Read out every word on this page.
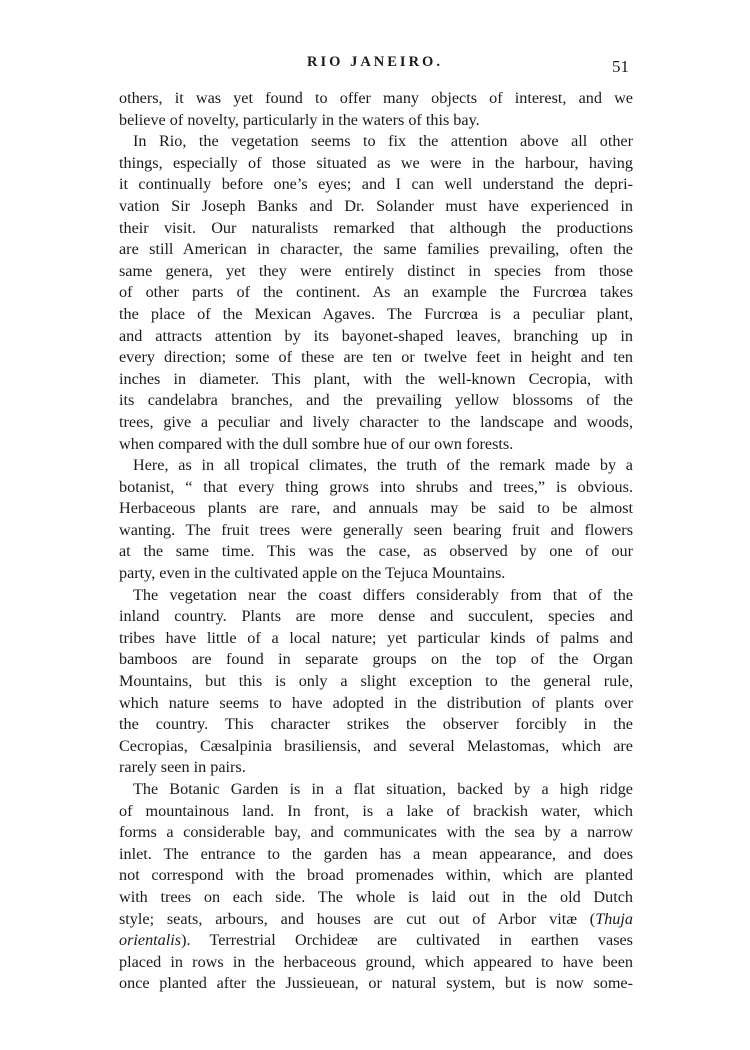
RIO JANEIRO.	51

others, it was yet found to offer many objects of interest, and we
believe of novelty, particularly in the waters of this bay.

In Rio, the vegetation seems to fix the attention above all other
things, especially of those situated as we were in the harbour, having
it continually before one’s eyes; and I can well understand the depri-
vation Sir Joseph Banks and Dr. Solander must have experienced in
their visit. Our naturalists remarked that although the productions
are still American in character, the same families prevailing, often the
same genera, yet they were entirely distinct in species from those
of other parts of the continent. As an example the Furcrœa takes
the place of the Mexican Agaves. The Furcrœa is a peculiar plant,
and attracts attention by its bayonet-shaped leaves, branching up in
every direction; some of these are ten or twelve feet in height and ten
inches in diameter. This plant, with the well-known Cecropia, with
its candelabra branches, and the prevailing yellow blossoms of the
trees, give a peculiar and lively character to the landscape and woods,
when compared with the dull sombre hue of our own forests.

Here, as in all tropical climates, the truth of the remark made by a
botanist, “ that every thing grows into shrubs and trees,” is obvious.
Herbaceous plants are rare, and annuals may be said to be almost
wanting. The fruit trees were generally seen bearing fruit and flowers
at the same time. This was the case, as observed by one of our
party, even in the cultivated apple on the Tejuca Mountains.

The vegetation near the coast differs considerably from that of the
inland country. Plants are more dense and succulent, species and
tribes have little of a local nature; yet particular kinds of palms and
bamboos are found in separate groups on the top of the Organ
Mountains, but this is only a slight exception to the general rule,
which nature seems to have adopted in the distribution of plants over
the country. This character strikes the observer forcibly in the
Cecropias, Cæsalpinia brasiliensis, and several Melastomas, which are
rarely seen in pairs.

The Botanic Garden is in a flat situation, backed by a high ridge
of mountainous land. In front, is a lake of brackish water, which
forms a considerable bay, and communicates with the sea by a narrow
inlet. The entrance to the garden has a mean appearance, and does
not correspond with the broad promenades within, which are planted
with trees on each side. The whole is laid out in the old Dutch
style; seats, arbours, and houses are cut out of Arbor vitæ (Thuja
orientalis). Terrestrial Orchideæ are cultivated in earthen vases
placed in rows in the herbaceous ground, which appeared to have been
once planted after the Jussieuean, or natural system, but is now some-
